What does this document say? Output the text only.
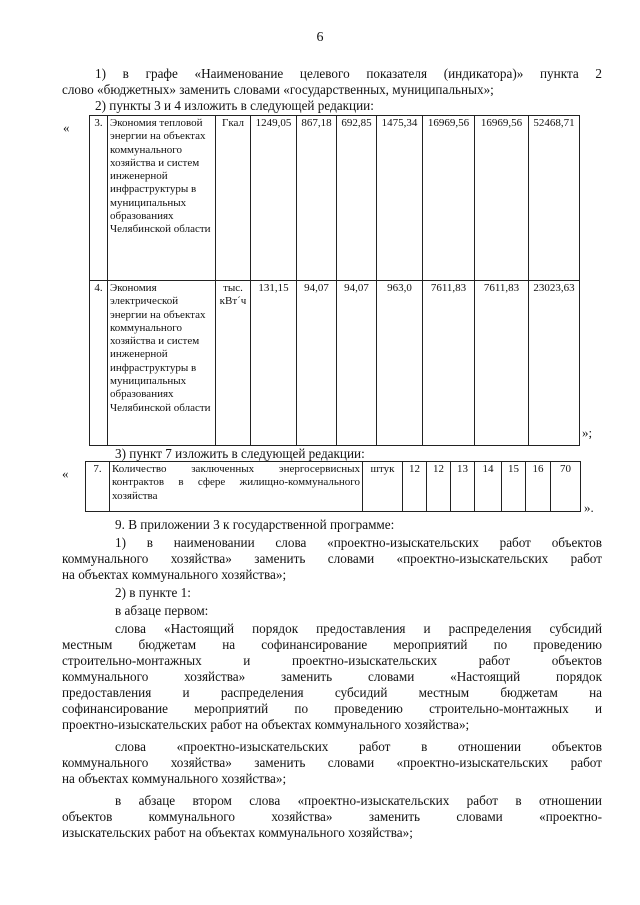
6
1) в графе «Наименование целевого показателя (индикатора)» пункта 2
слово «бюджетных» заменить словами «государственных, муниципальных»;
2) пункты 3 и 4 изложить в следующей редакции:
« 3.	Экономия тепловой энергии на объектах коммунального хозяйства и систем инженерной инфраструктуры в муниципальных образованиях Челябинской области	Гкал	1249,05	867,18	692,85	1475,34	16969,56	16969,56	52468,71
4.	Экономия электрической энергии на объектах коммунального хозяйства и систем инженерной инфраструктуры в муниципальных образованиях Челябинской области	тыс. кВт´ч	131,15	94,07	94,07	963,0	7611,83	7611,83	23023,63
»;
3) пункт 7 изложить в следующей редакции:
« 7.	Количество заключенных энергосервисных контрактов в сфере жилищно-коммунального хозяйства	штук	12	12	13	14	15	16	70
».
9. В приложении 3 к государственной программе:
1) в наименовании слова «проектно-изыскательских работ объектов
коммунального хозяйства» заменить словами «проектно-изыскательских работ
на объектах коммунального хозяйства»;
2) в пункте 1:
в абзаце первом:
слова «Настоящий порядок предоставления и распределения субсидий
местным бюджетам на софинансирование мероприятий по проведению
строительно-монтажных и проектно-изыскательских работ объектов
коммунального хозяйства» заменить словами «Настоящий порядок
предоставления и распределения субсидий местным бюджетам на
софинансирование мероприятий по проведению строительно-монтажных и
проектно-изыскательских работ на объектах коммунального хозяйства»;
слова «проектно-изыскательских работ в отношении объектов
коммунального хозяйства» заменить словами «проектно-изыскательских работ
на объектах коммунального хозяйства»;
в абзаце втором слова «проектно-изыскательских работ в отношении
объектов коммунального хозяйства» заменить словами «проектно-
изыскательских работ на объектах коммунального хозяйства»;
